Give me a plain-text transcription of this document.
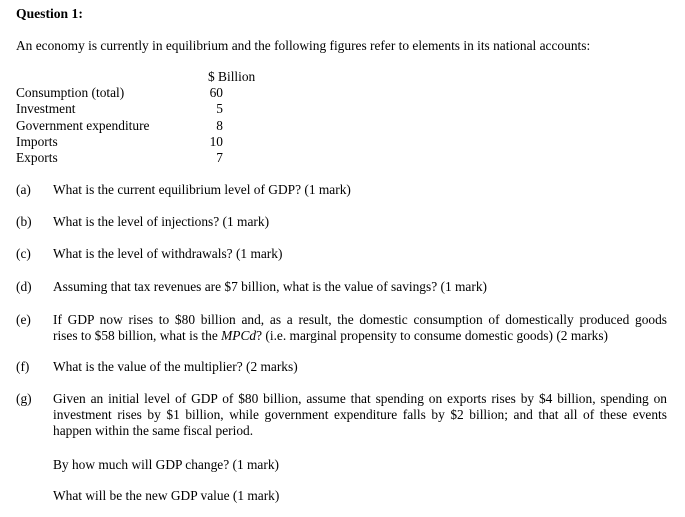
Question 1:
An economy is currently in equilibrium and the following figures refer to elements in its national accounts:
$ Billion
Consumption (total)	60
Investment	5
Government expenditure	8
Imports	10
Exports	7
(a) What is the current equilibrium level of GDP? (1 mark)
(b) What is the level of injections? (1 mark)
(c) What is the level of withdrawals? (1 mark)
(d) Assuming that tax revenues are $7 billion, what is the value of savings? (1 mark)
(e) If GDP now rises to $80 billion and, as a result, the domestic consumption of domestically produced goods
rises to $58 billion, what is the MPCd? (i.e. marginal propensity to consume domestic goods) (2 marks)
(f) What is the value of the multiplier? (2 marks)
(g) Given an initial level of GDP of $80 billion, assume that spending on exports rises by $4 billion, spending on
investment rises by $1 billion, while government expenditure falls by $2 billion; and that all of these events
happen within the same fiscal period.
By how much will GDP change? (1 mark)
What will be the new GDP value (1 mark)
